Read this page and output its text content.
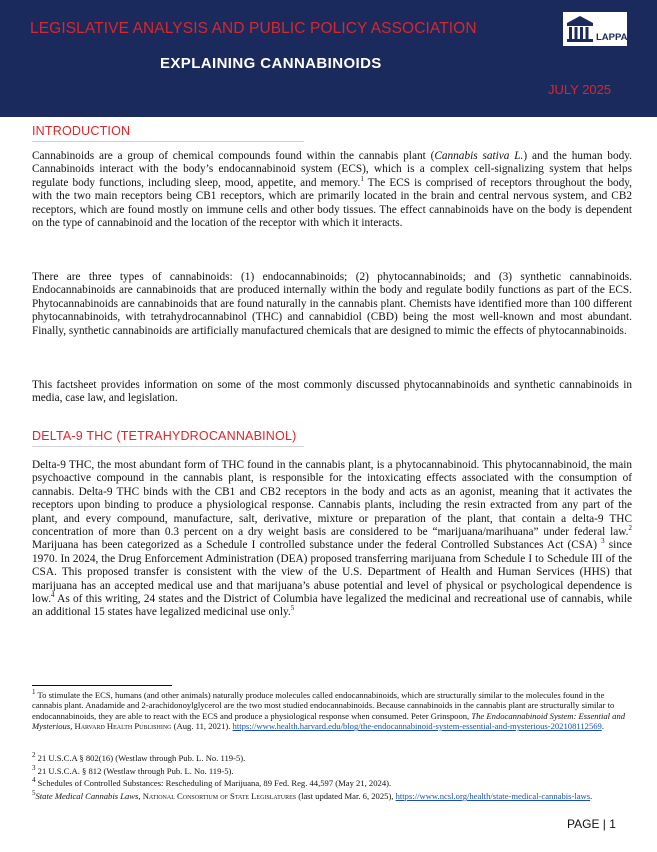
LEGISLATIVE ANALYSIS AND PUBLIC POLICY ASSOCIATION
EXPLAINING CANNABINOIDS
JULY 2025
LAPPA
INTRODUCTION

Cannabinoids are a group of chemical compounds found within the cannabis plant (Cannabis sativa L.) and the human body. Cannabinoids interact with the body’s endocannabinoid system (ECS), which is a complex cell-signalizing system that helps regulate body functions, including sleep, mood, appetite, and memory.$^1$ The ECS is comprised of receptors throughout the body, with the two main receptors being CB1 receptors, which are primarily located in the brain and central nervous system, and CB2 receptors, which are found mostly on immune cells and other body tissues. The effect cannabinoids have on the body is dependent on the type of cannabinoid and the location of the receptor with which it interacts.

There are three types of cannabinoids: (1) endocannabinoids; (2) phytocannabinoids; and (3) synthetic cannabinoids. Endocannabinoids are cannabinoids that are produced internally within the body and regulate bodily functions as part of the ECS. Phytocannabinoids are cannabinoids that are found naturally in the cannabis plant. Chemists have identified more than 100 different phytocannabinoids, with tetrahydrocannabinol (THC) and cannabidiol (CBD) being the most well-known and most abundant. Finally, synthetic cannabinoids are artificially manufactured chemicals that are designed to mimic the effects of phytocannabinoids.

This factsheet provides information on some of the most commonly discussed phytocannabinoids and synthetic cannabinoids in media, case law, and legislation.

DELTA-9 THC (TETRAHYDROCANNABINOL)

Delta-9 THC, the most abundant form of THC found in the cannabis plant, is a phytocannabinoid. This phytocannabinoid, the main psychoactive compound in the cannabis plant, is responsible for the intoxicating effects associated with the consumption of cannabis. Delta-9 THC binds with the CB1 and CB2 receptors in the body and acts as an agonist, meaning that it activates the receptors upon binding to produce a physiological response. Cannabis plants, including the resin extracted from any part of the plant, and every compound, manufacture, salt, derivative, mixture or preparation of the plant, that contain a delta-9 THC concentration of more than 0.3 percent on a dry weight basis are considered to be “marijuana/marihuana” under federal law.$^2$ Marijuana has been categorized as a Schedule I controlled substance under the federal Controlled Substances Act (CSA) $^3$ since 1970. In 2024, the Drug Enforcement Administration (DEA) proposed transferring marijuana from Schedule I to Schedule III of the CSA. This proposed transfer is consistent with the view of the U.S. Department of Health and Human Services (HHS) that marijuana has an accepted medical use and that marijuana’s abuse potential and level of physical or psychological dependence is low.$^4$ As of this writing, 24 states and the District of Columbia have legalized the medicinal and recreational use of cannabis, while an additional 15 states have legalized medicinal use only.$^5$

$^1$ To stimulate the ECS, humans (and other animals) naturally produce molecules called endocannabinoids, which are structurally similar to the molecules found in the cannabis plant. Anadamide and 2-arachidonoylglycerol are the two most studied endocannabinoids. Because cannabinoids in the cannabis plant are structurally similar to endocannabinoids, they are able to react with the ECS and produce a physiological response when consumed. Peter Grinspoon, The Endocannabinoid System: Essential and Mysterious, Harvard Health Publishing (Aug. 11, 2021). https://www.health.harvard.edu/blog/the-endocannabinoid-system-essential-and-mysterious-202108112569.
$^2$ 21 U.S.C.A § 802(16) (Westlaw through Pub. L. No. 119-5).
$^3$ 21 U.S.C.A. § 812 (Westlaw through Pub. L. No. 119-5).
$^4$ Schedules of Controlled Substances: Rescheduling of Marijuana, 89 Fed. Reg. 44,597 (May 21, 2024).
$^5$State Medical Cannabis Laws, National Consortium of State Legislatures (last updated Mar. 6, 2025), https://www.ncsl.org/health/state-medical-cannabis-laws.
PAGE | 1
